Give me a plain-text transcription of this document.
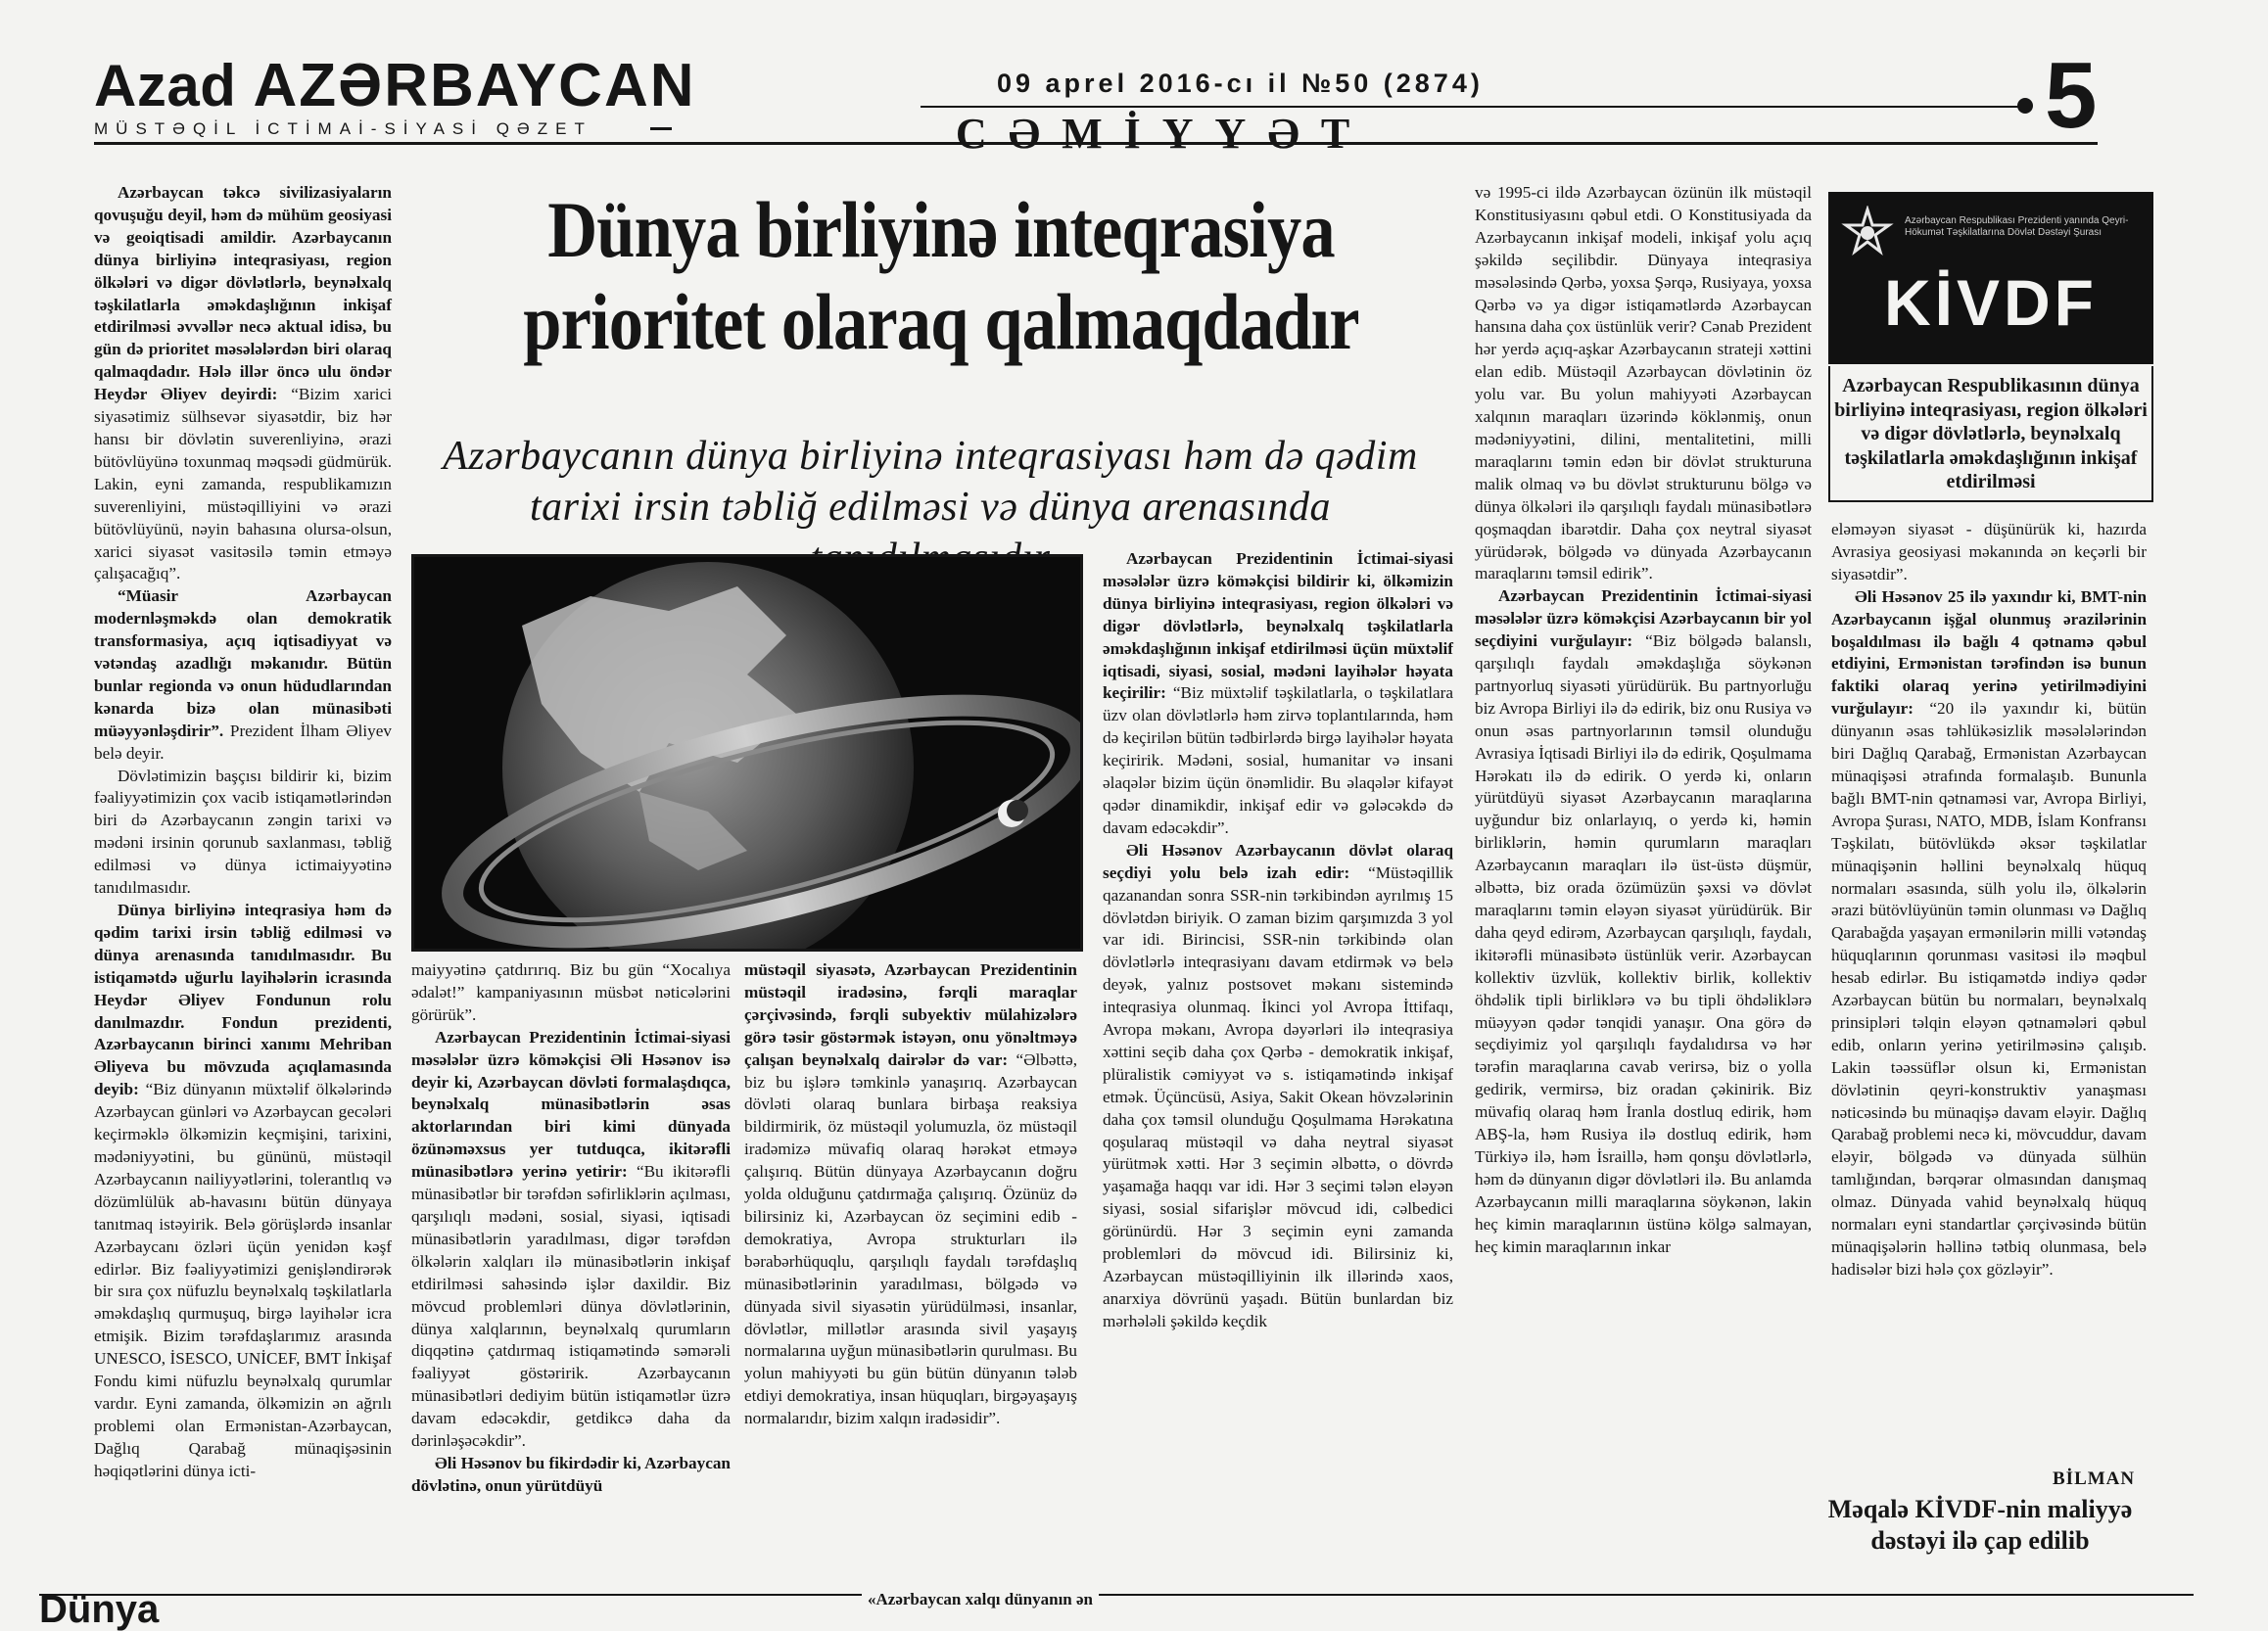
Azad AZƏRBAYCAN
MÜSTƏQİL İCTİMAİ-SİYASİ QƏZET
09 aprel 2016-cı il №50 (2874)
CƏMİYYƏT	5
Dünya birliyinə inteqrasiya
prioritet olaraq qalmaqdadır
Azərbaycanın dünya birliyinə inteqrasiyası həm də qədim
tarixi irsin təbliğ edilməsi və dünya arenasında

Azərbaycan təkcə sivilizasiyaların qovuşuğu deyil, həm də mühüm geosiyasi və geoiqtisadi amildir. Azərbaycanın dünya birliyinə inteqrasiyası, region ölkələri və digər dövlətlərlə, beynəlxalq təşkilatlarla əməkdaşlığının inkişaf etdirilməsi əvvəllər necə aktual idisə, bu gün də prioritet məsələlərdən biri olaraq qalmaqdadır. Hələ illər öncə ulu öndər Heydər Əliyev deyirdi: “Bizim xarici siyasətimiz sülhsevər siyasətdir, biz hər hansı bir dövlətin suverenliyinə, ərazi bütövlüyünə toxunmaq məqsədi güdmürük. Lakin, eyni zamanda, respublikamızın suverenliyini, müstəqilliyini və ərazi bütövlüyünü, nəyin bahasına olursa-olsun, xarici siyasət vasitəsilə təmin etməyə çalışacağıq”.

“Müasir Azərbaycan modernləşməkdə olan demokratik transformasiya, açıq iqtisadiyyat və vətəndaş azadlığı məkanıdır. Bütün bunlar regionda və onun hüdudlarından kənarda bizə olan münasibəti müəyyənləşdirir”. Prezident İlham Əliyev belə deyir.

Dövlətimizin başçısı bildirir ki, bizim fəaliyyətimizin çox vacib istiqamətlərindən biri də Azərbaycanın zəngin tarixi və mədəni irsinin qorunub saxlanması, təbliğ edilməsi və dünya ictimaiyyətinə tanıdılmasıdır.

Dünya birliyinə inteqrasiya həm də qədim tarixi irsin təbliğ edilməsi və dünya arenasında tanıdılmasıdır. Bu istiqamətdə uğurlu layihələrin icrasında Heydər Əliyev Fondunun rolu danılmazdır. Fondun prezidenti, Azərbaycanın birinci xanımı Mehriban Əliyeva bu mövzuda açıqlamasında deyib: “Biz dünyanın müxtəlif ölkələrində Azərbaycan günləri və Azərbaycan gecələri keçirməklə ölkəmizin keçmişini, tarixini, mədəniyyətini, bu gününü, müstəqil Azərbaycanın nailiyyətlərini, tolerantlıq və dözümlülük ab-havasını bütün dünyaya tanıtmaq istəyirik. Belə görüşlərdə insanlar Azərbaycanı özləri üçün yenidən kəşf edirlər. Biz fəaliyyətimizi genişləndirərək bir sıra çox nüfuzlu beynəlxalq təşkilatlarla əməkdaşlıq qurmuşuq, birgə layihələr icra etmişik. Bizim tərəfdaşlarımız arasında UNESCO, İSESCO, UNİCEF, BMT İnkişaf Fondu kimi nüfuzlu beynəlxalq qurumlar vardır. Eyni zamanda, ölkəmizin ən ağrılı problemi olan Ermənistan-Azərbaycan, Dağlıq Qarabağ münaqişəsinin həqiqətlərini dünya icti-

maiyyətinə çatdırırıq. Biz bu gün “Xocalıya ədalət!” kampaniyasının müsbət nəticələrini görürük”.

Azərbaycan Prezidentinin İctimai-siyasi məsələlər üzrə köməkçisi Əli Həsənov isə deyir ki, Azərbaycan dövləti formalaşdıqca, beynəlxalq münasibətlərin əsas aktorlarından biri kimi dünyada özünəməxsus yer tutduqca, ikitərəfli münasibətlərə yerinə yetirir: “Bu ikitərəfli münasibətlər bir tərəfdən səfirliklərin açılması, qarşılıqlı mədəni, sosial, siyasi, iqtisadi münasibətlərin yaradılması, digər tərəfdən ölkələrin xalqları ilə münasibətlərin inkişaf etdirilməsi sahəsində işlər daxildir. Biz mövcud problemləri dünya dövlətlərinin, dünya xalqlarının, beynəlxalq qurumların diqqətinə çatdırmaq istiqamətində səmərəli fəaliyyət göstəririk. Azərbaycanın münasibətləri dediyim bütün istiqamətlər üzrə davam edəcəkdir, getdikcə daha da dərinləşəcəkdir”.

Əli Həsənov bu fikirdədir ki, Azərbaycan dövlətinə, onun yürütdüyü

müstəqil siyasətə, Azərbaycan Prezidentinin müstəqil iradəsinə, fərqli maraqlar çərçivəsində, fərqli subyektiv mülahizələrə görə təsir göstərmək istəyən, onu yönəltməyə çalışan beynəlxalq dairələr də var: “Əlbəttə, biz bu işlərə təmkinlə yanaşırıq. Azərbaycan dövləti olaraq bunlara birbaşa reaksiya bildirmirik, öz müstəqil yolumuzla, öz müstəqil iradəmizə müvafiq olaraq hərəkət etməyə çalışırıq. Bütün dünyaya Azərbaycanın doğru yolda olduğunu çatdırmağa çalışırıq. Özünüz də bilirsiniz ki, Azərbaycan öz seçimini edib - demokratiya, Avropa strukturları ilə bərabərhüquqlu, qarşılıqlı faydalı tərəfdaşlıq münasibətlərinin yaradılması, bölgədə və dünyada sivil siyasətin yürüdülməsi, insanlar, dövlətlər, millətlər arasında sivil yaşayış normalarına uyğun münasibətlərin qurulması. Bu yolun mahiyyəti bu gün bütün dünyanın tələb etdiyi demokratiya, insan hüquqları, birgəyaşayış normalarıdır, bizim xalqın iradəsidir”.

Azərbaycan Prezidentinin İctimai-siyasi məsələlər üzrə köməkçisi bildirir ki, ölkəmizin dünya birliyinə inteqrasiyası, region ölkələri və digər dövlətlərlə, beynəlxalq təşkilatlarla əməkdaşlığının inkişaf etdirilməsi üçün müxtəlif iqtisadi, siyasi, sosial, mədəni layihələr həyata keçirilir: “Biz müxtəlif təşkilatlarla, o təşkilatlara üzv olan dövlətlərlə həm zirvə toplantılarında, həm də keçirilən bütün tədbirlərdə birgə layihələr həyata keçiririk. Mədəni, sosial, humanitar və insani əlaqələr bizim üçün önəmlidir. Bu əlaqələr kifayət qədər dinamikdir, inkişaf edir və gələcəkdə də davam edəcəkdir”.

Əli Həsənov Azərbaycanın dövlət olaraq seçdiyi yolu belə izah edir: “Müstəqillik qazanandan sonra SSR-nin tərkibindən ayrılmış 15 dövlətdən biriyik. O zaman bizim qarşımızda 3 yol var idi. Birincisi, SSR-nin tərkibində olan dövlətlərlə inteqrasiyanı davam etdirmək və belə deyək, yalnız postsovet məkanı sistemində inteqrasiya olunmaq. İkinci yol Avropa İttifaqı, Avropa məkanı, Avropa dəyərləri ilə inteqrasiya xəttini seçib daha çox Qərbə - demokratik inkişaf, plüralistik cəmiyyət və s. istiqamətində inkişaf etmək. Üçüncüsü, Asiya, Sakit Okean hövzələrinin daha çox təmsil olunduğu Qoşulmama Hərəkatına qoşularaq müstəqil və daha neytral siyasət yürütmək xətti. Hər 3 seçimin əlbəttə, o dövrdə yaşamağa haqqı var idi. Hər 3 seçimi tələn eləyən siyasi, sosial sifarişlər mövcud idi, cəlbedici görünürdü. Hər 3 seçimin eyni zamanda problemləri də mövcud idi. Bilirsiniz ki, Azərbaycan müstəqilliyinin ilk illərində xaos, anarxiya dövrünü yaşadı. Bütün bunlardan biz mərhələli şəkildə keçdik

və 1995-ci ildə Azərbaycan özünün ilk müstəqil Konstitusiyasını qəbul etdi. O Konstitusiyada da Azərbaycanın inkişaf modeli, inkişaf yolu açıq şəkildə seçilibdir. Dünyaya inteqrasiya məsələsində Qərbə, yoxsa Şərqə, Rusiyaya, yoxsa Qərbə və ya digər istiqamətlərdə Azərbaycan hansına daha çox üstünlük verir? Cənab Prezident hər yerdə açıq-aşkar Azərbaycanın strateji xəttini elan edib. Müstəqil Azərbaycan dövlətinin öz yolu var. Bu yolun mahiyyəti Azərbaycan xalqının maraqları üzərində köklənmiş, onun mədəniyyətini, dilini, mentalitetini, milli maraqlarını təmin edən bir dövlət strukturuna malik olmaq və bu dövlət strukturunu bölgə və dünya ölkələri ilə qarşılıqlı faydalı münasibətlərə qoşmaqdan ibarətdir. Daha çox neytral siyasət yürüdərək, bölgədə və dünyada Azərbaycanın maraqlarını təmsil edirik”.

Azərbaycan Prezidentinin İctimai-siyasi məsələlər üzrə köməkçisi Azərbaycanın bir yol seçdiyini vurğulayır: “Biz bölgədə balanslı, qarşılıqlı faydalı əməkdaşlığa söykənən partnyorluq siyasəti yürüdürük. Bu partnyorluğu biz Avropa Birliyi ilə də edirik, biz onu Rusiya və onun əsas partnyorlarının təmsil olunduğu Avrasiya İqtisadi Birliyi ilə də edirik, Qoşulmama Hərəkatı ilə də edirik. O yerdə ki, onların yürütdüyü siyasət Azərbaycanın maraqlarına uyğundur biz onlarlayıq, o yerdə ki, həmin birliklərin, həmin qurumların maraqları Azərbaycanın maraqları ilə üst-üstə düşmür, əlbəttə, biz orada özümüzün şəxsi və dövlət maraqlarını təmin eləyən siyasət yürüdürük. Bir daha qeyd edirəm, Azərbaycan qarşılıqlı, faydalı, ikitərəfli münasibətə üstünlük verir. Azərbaycan kollektiv üzvlük, kollektiv birlik, kollektiv öhdəlik tipli birliklərə və bu tipli öhdəliklərə müəyyən qədər tənqidi yanaşır. Ona görə də seçdiyimiz yol qarşılıqlı faydalıdırsa və hər tərəfin maraqlarına cavab verirsə, biz o yolla gedirik, vermirsə, biz oradan çəkinirik. Biz müvafiq olaraq həm İranla dostluq edirik, həm ABŞ-la, həm Rusiya ilə dostluq edirik, həm Türkiyə ilə, həm İsraillə, həm qonşu dövlətlərlə, həm də dünyanın digər dövlətləri ilə. Bu anlamda Azərbaycanın milli maraqlarına söykənən, lakin heç kimin maraqlarının üstünə kölgə salmayan, heç kimin maraqlarının inkar

Azərbaycan Respublikası Prezidenti yanında Qeyri-Hökumət Təşkilatlarına Dövlət Dəstəyi Şurası
KİVDF
Azərbaycan Respublikasının dünya birliyinə inteqrasiyası, region ölkələri və digər dövlətlərlə, beynəlxalq təşkilatlarla əməkdaşlığının inkişaf etdirilməsi

eləməyən siyasət - düşünürük ki, hazırda Avrasiya geosiyasi məkanında ən keçərli bir siyasətdir”.

Əli Həsənov 25 ilə yaxındır ki, BMT-nin Azərbaycanın işğal olunmuş ərazilərinin boşaldılması ilə bağlı 4 qətnamə qəbul etdiyini, Ermənistan tərəfindən isə bunun faktiki olaraq yerinə yetirilmədiyini vurğulayır: “20 ilə yaxındır ki, bütün dünyanın əsas təhlükəsizlik məsələlərindən biri Dağlıq Qarabağ, Ermənistan Azərbaycan münaqişəsi ətrafında formalaşıb. Bununla bağlı BMT-nin qətnaməsi var, Avropa Birliyi, Avropa Şurası, NATO, MDB, İslam Konfransı Təşkilatı, bütövlükdə əksər təşkilatlar münaqişənin həllini beynəlxalq hüquq normaları əsasında, sülh yolu ilə, ölkələrin ərazi bütövlüyünün təmin olunması və Dağlıq Qarabağda yaşayan ermənilərin milli vətəndaş hüquqlarının qorunması vasitəsi ilə məqbul hesab edirlər. Bu istiqamətdə indiyə qədər Azərbaycan bütün bu normaları, beynəlxalq prinsipləri təlqin eləyən qətnamələri qəbul edib, onların yerinə yetirilməsinə çalışıb. Lakin təəssüflər olsun ki, Ermənistan dövlətinin qeyri-konstruktiv yanaşması nəticəsində bu münaqişə davam eləyir. Dağlıq Qarabağ problemi necə ki, mövcuddur, davam eləyir, bölgədə və dünyada sülhün tamlığından, bərqərar olmasından danışmaq olmaz. Dünyada vahid beynəlxalq hüquq normaları eyni standartlar çərçivəsində bütün münaqişələrin həllinə tətbiq olunmasa, belə hadisələr bizi hələ çox gözləyir”.

BİLMAN
Məqalə KİVDF-nin maliyyə dəstəyi ilə çap edilib
Dünya	«Azərbaycan xalqı dünyanın ən
